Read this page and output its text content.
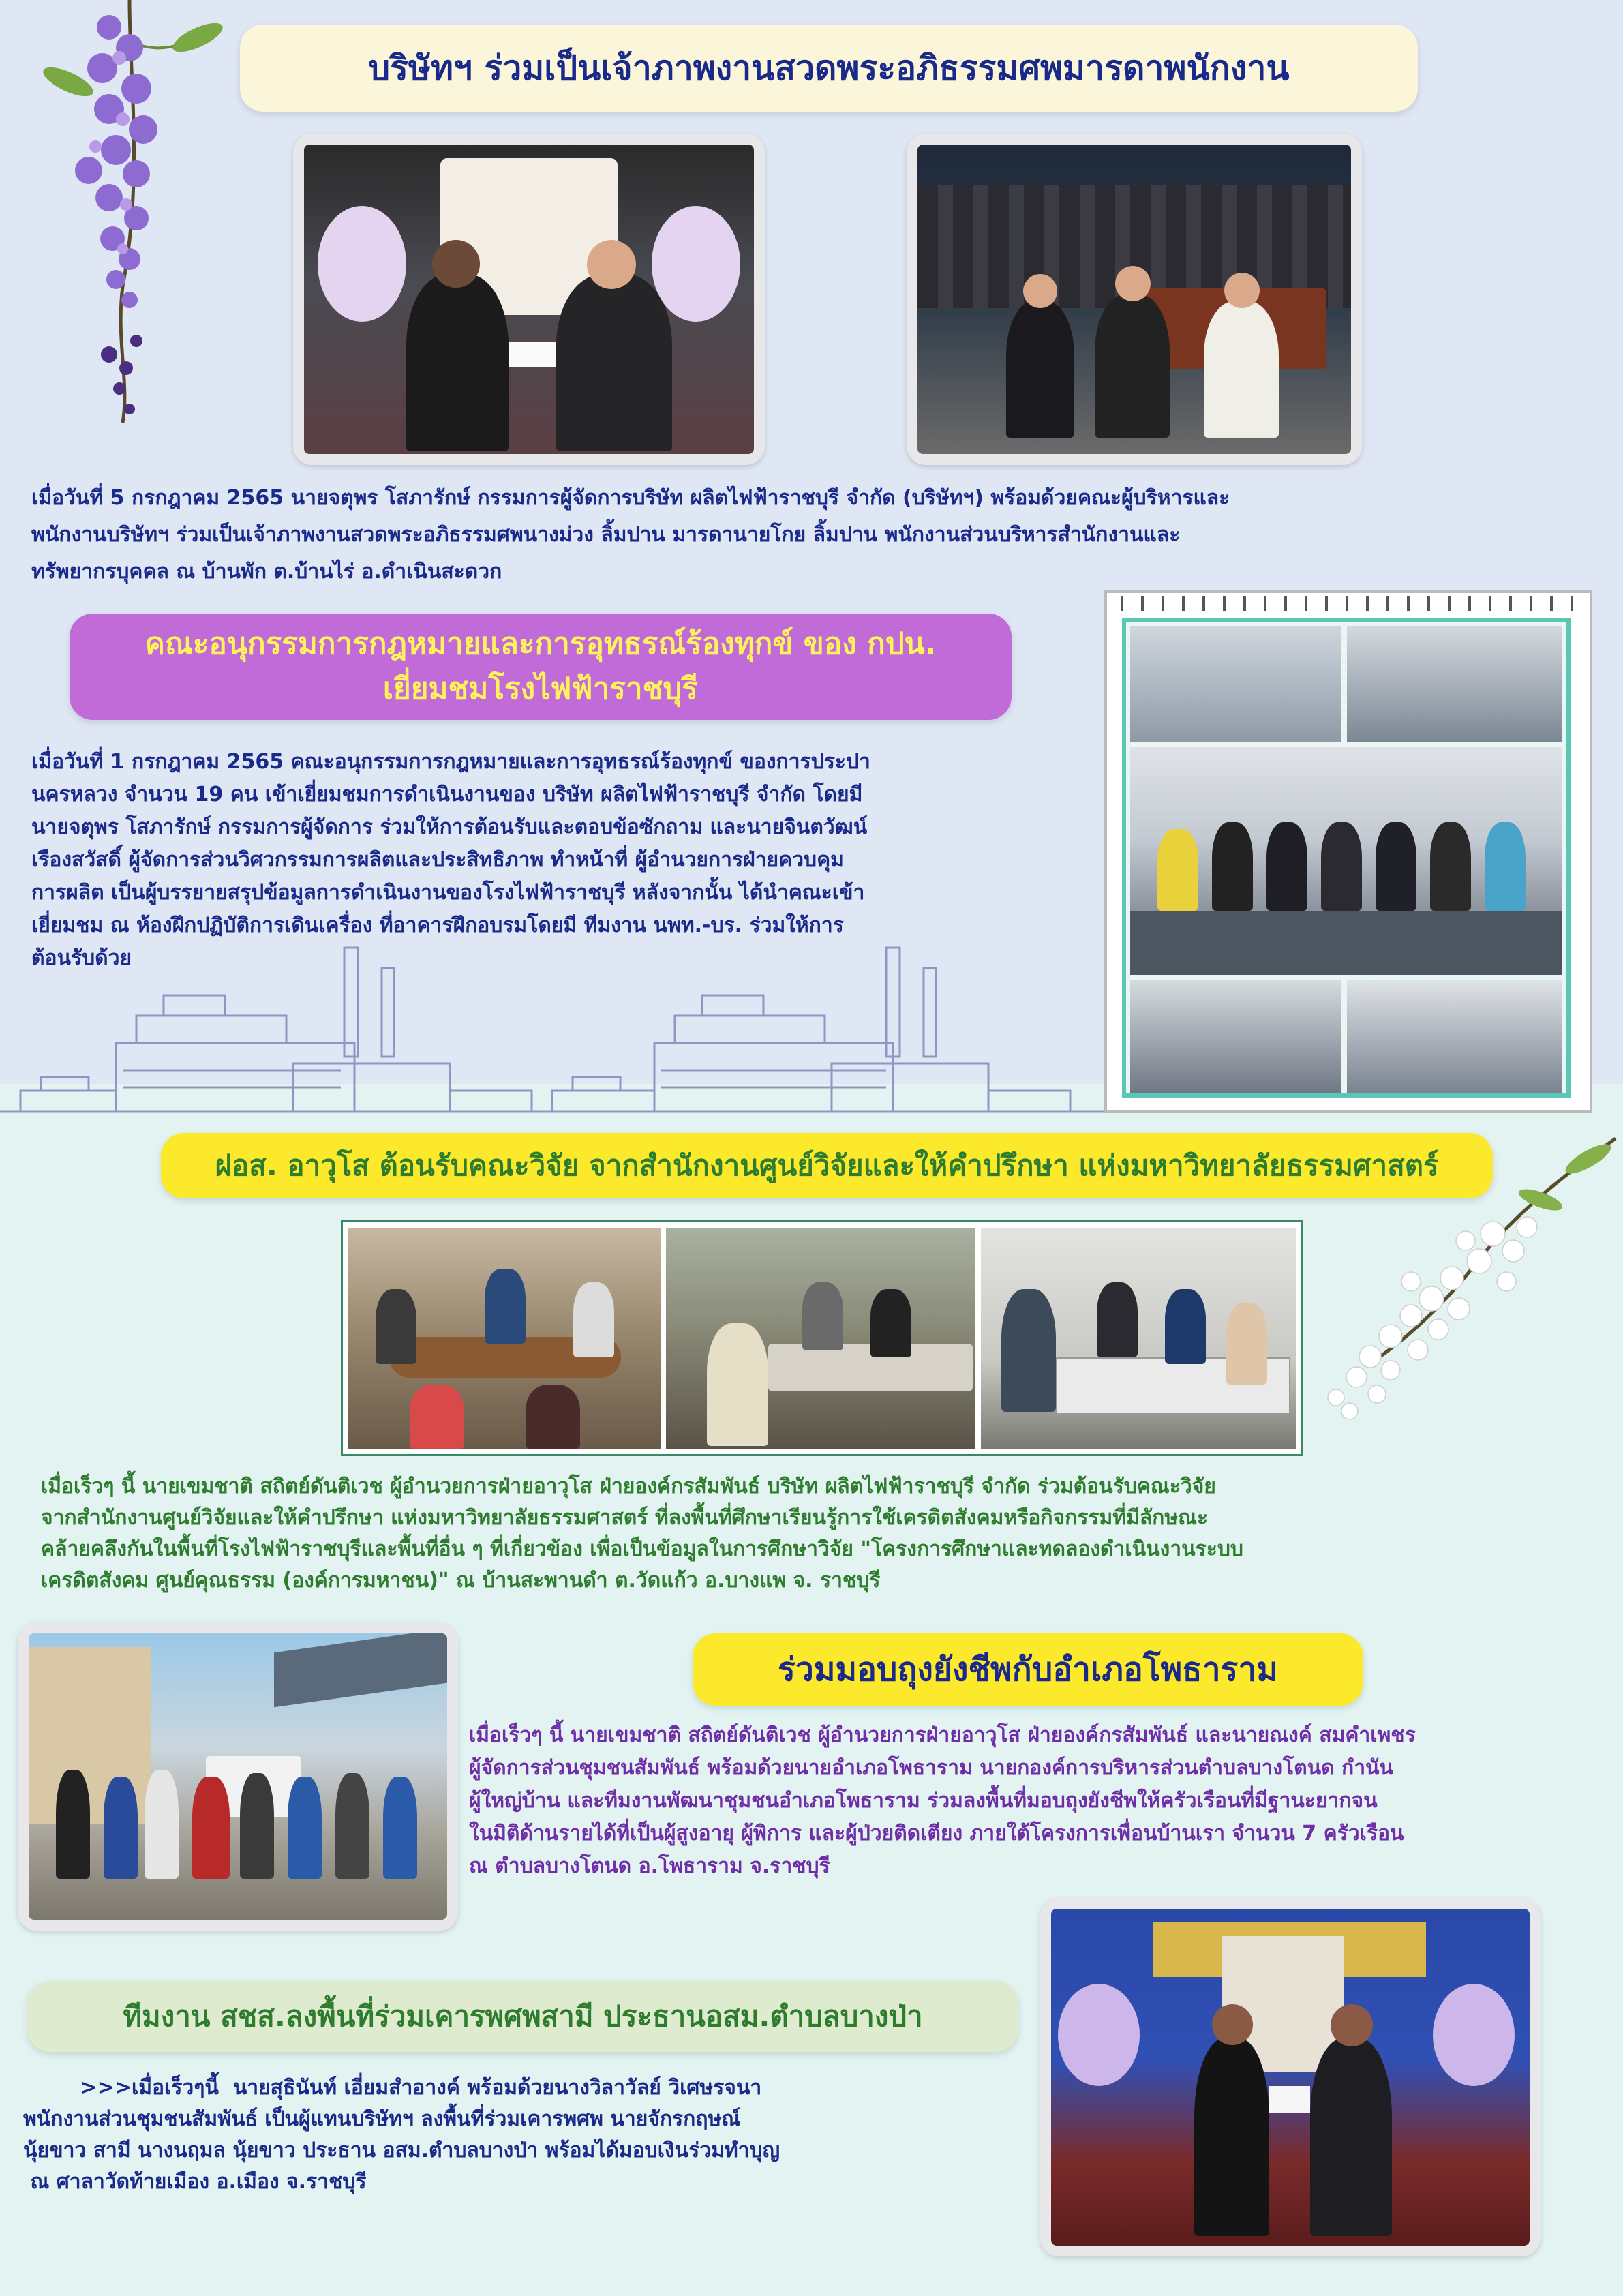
บริษัทฯ ร่วมเป็นเจ้าภาพงานสวดพระอภิธรรมศพมารดาพนักงาน
เมื่อวันที่ 5 กรกฎาคม 2565 นายจตุพร โสภารักษ์ กรรมการผู้จัดการบริษัท ผลิตไฟฟ้าราชบุรี จำกัด (บริษัทฯ) พร้อมด้วยคณะผู้บริหารและ
พนักงานบริษัทฯ ร่วมเป็นเจ้าภาพงานสวดพระอภิธรรมศพนางม่วง ลิ้มปาน มารดานายโกย ลิ้มปาน พนักงานส่วนบริหารสำนักงานและ
ทรัพยากรบุคคล ณ บ้านพัก ต.บ้านไร่ อ.ดำเนินสะดวก
คณะอนุกรรมการกฎหมายและการอุทธรณ์ร้องทุกข์ ของ กปน.
เยี่ยมชมโรงไฟฟ้าราชบุรี
เมื่อวันที่ 1 กรกฎาคม 2565 คณะอนุกรรมการกฎหมายและการอุทธรณ์ร้องทุกข์ ของการประปา
นครหลวง จำนวน 19 คน เข้าเยี่ยมชมการดำเนินงานของ บริษัท ผลิตไฟฟ้าราชบุรี จำกัด โดยมี
นายจตุพร โสภารักษ์ กรรมการผู้จัดการ ร่วมให้การต้อนรับและตอบข้อซักถาม และนายจินตวัฒน์
เรืองสวัสดิ์ ผู้จัดการส่วนวิศวกรรมการผลิตและประสิทธิภาพ ทำหน้าที่ ผู้อำนวยการฝ่ายควบคุม
การผลิต เป็นผู้บรรยายสรุปข้อมูลการดำเนินงานของโรงไฟฟ้าราชบุรี หลังจากนั้น ได้นำคณะเข้า
เยี่ยมชม ณ ห้องฝึกปฏิบัติการเดินเครื่อง ที่อาคารฝึกอบรมโดยมี ทีมงาน นพท.-บร. ร่วมให้การ
ต้อนรับด้วย
ฝอส. อาวุโส ต้อนรับคณะวิจัย จากสำนักงานศูนย์วิจัยและให้คำปรึกษา แห่งมหาวิทยาลัยธรรมศาสตร์
เมื่อเร็วๆ นี้ นายเขมชาติ สถิตย์ดันติเวช ผู้อำนวยการฝ่ายอาวุโส ฝ่ายองค์กรสัมพันธ์ บริษัท ผลิตไฟฟ้าราชบุรี จำกัด ร่วมต้อนรับคณะวิจัย
จากสำนักงานศูนย์วิจัยและให้คำปรึกษา แห่งมหาวิทยาลัยธรรมศาสตร์ ที่ลงพื้นที่ศึกษาเรียนรู้การใช้เครดิตสังคมหรือกิจกรรมที่มีลักษณะ
คล้ายคลึงกันในพื้นที่โรงไฟฟ้าราชบุรีและพื้นที่อื่น ๆ ที่เกี่ยวข้อง เพื่อเป็นข้อมูลในการศึกษาวิจัย "โครงการศึกษาและทดลองดำเนินงานระบบ
เครดิตสังคม ศูนย์คุณธรรม (องค์การมหาชน)" ณ บ้านสะพานดำ ต.วัดแก้ว อ.บางแพ จ. ราชบุรี
ร่วมมอบถุงยังชีพกับอำเภอโพธาราม
เมื่อเร็วๆ นี้ นายเขมชาติ สถิตย์ดันติเวช ผู้อำนวยการฝ่ายอาวุโส ฝ่ายองค์กรสัมพันธ์ และนายณงค์ สมคำเพชร
ผู้จัดการส่วนชุมชนสัมพันธ์ พร้อมด้วยนายอำเภอโพธาราม นายกองค์การบริหารส่วนตำบลบางโตนด กำนัน
ผู้ใหญ่บ้าน และทีมงานพัฒนาชุมชนอำเภอโพธาราม ร่วมลงพื้นที่มอบถุงยังชีพให้ครัวเรือนที่มีฐานะยากจน
ในมิติด้านรายได้ที่เป็นผู้สูงอายุ ผู้พิการ และผู้ป่วยติดเตียง ภายใต้โครงการเพื่อนบ้านเรา จำนวน 7 ครัวเรือน
ณ ตำบลบางโตนด อ.โพธาราม จ.ราชบุรี
ทีมงาน สชส.ลงพื้นที่ร่วมเคารพศพสามี ประธานอสม.ตำบลบางป่า
>>>เมื่อเร็วๆนี้  นายสุธินันท์ เอี่ยมสำอางค์ พร้อมด้วยนางวิลาวัลย์ วิเศษรจนา
พนักงานส่วนชุมชนสัมพันธ์ เป็นผู้แทนบริษัทฯ ลงพื้นที่ร่วมเคารพศพ นายจักรกฤษณ์
นุ้ยขาว สามี นางนฤมล นุ้ยขาว ประธาน อสม.ตำบลบางป่า พร้อมได้มอบเงินร่วมทำบุญ
ณ ศาลาวัดท้ายเมือง อ.เมือง จ.ราชบุรี
